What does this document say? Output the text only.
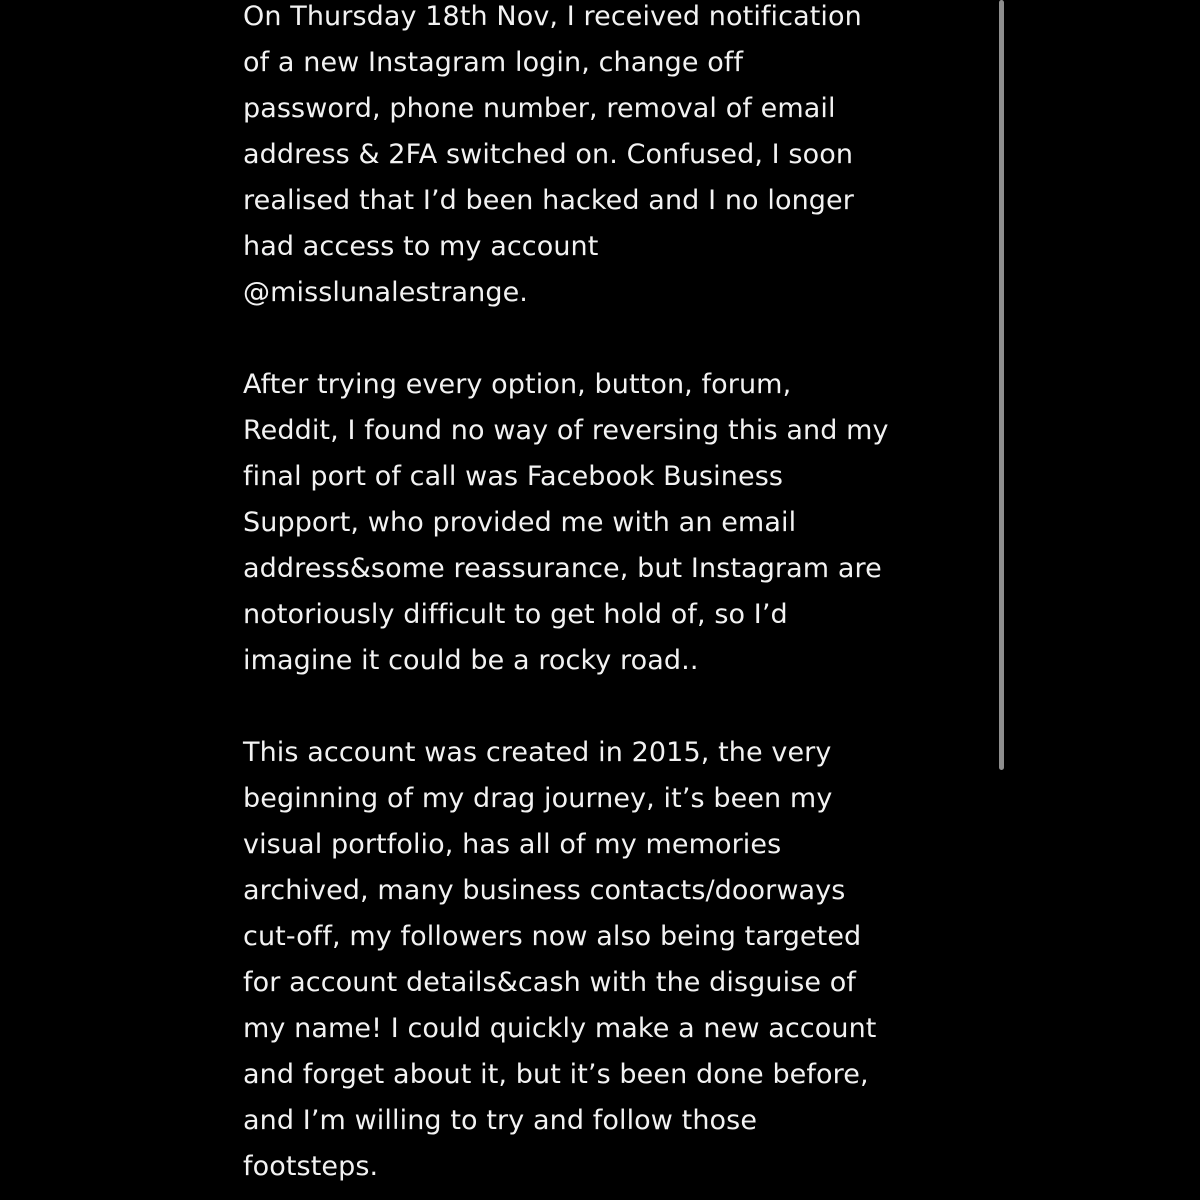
On Thursday 18th Nov, I received notification
of a new Instagram login, change off
password, phone number, removal of email
address & 2FA switched on. Confused, I soon
realised that I’d been hacked and I no longer
had access to my account
@misslunalestrange.

After trying every option, button, forum,
Reddit, I found no way of reversing this and my
final port of call was Facebook Business
Support, who provided me with an email
address&some reassurance, but Instagram are
notoriously difficult to get hold of, so I’d
imagine it could be a rocky road..

This account was created in 2015, the very
beginning of my drag journey, it’s been my
visual portfolio, has all of my memories
archived, many business contacts/doorways
cut-off, my followers now also being targeted
for account details&cash with the disguise of
my name! I could quickly make a new account
and forget about it, but it’s been done before,
and I’m willing to try and follow those
footsteps.
